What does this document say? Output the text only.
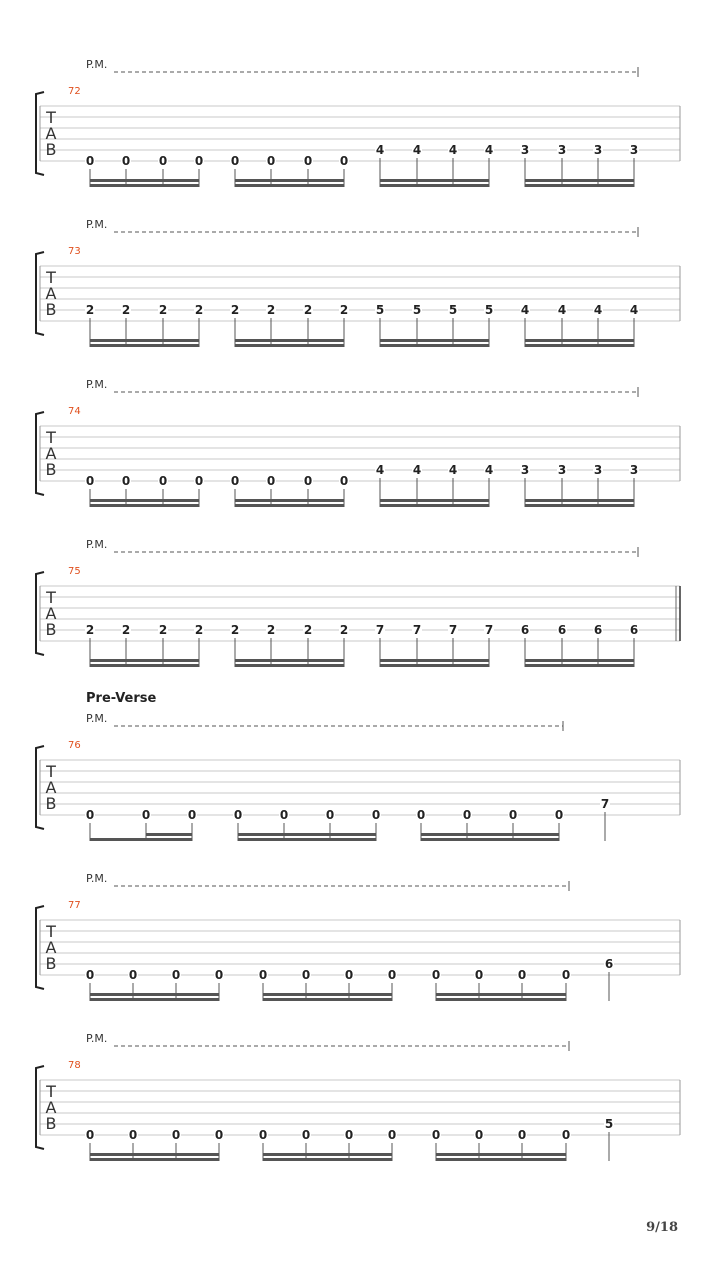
P.M.
72
T
A
B
0 0 0 0 0 0 0 0
4 4 4 4 3 3 3 3
P.M.
73
T
A
B 2 2 2 2 2 2 2 2 5 5 5 5 4 4 4 4
P.M.
74
T
A
B
0 0 0 0 0 0 0 0
4 4 4 4 3 3 3 3
P.M.
75
T
A
B 2 2 2 2 2 2 2 2 7 7 7 7 6 6 6 6
Pre-Verse
P.M.
76
T
A
B
0	0	0	0	0	0	0	0	0	0	0
7
P.M.
77
T
A
B
0	0	0	0	0	0	0	0	0	0	0	0
6
P.M.
78
T
A
B
0	0	0	0	0	0	0	0	0	0	0	0
5
9/18
